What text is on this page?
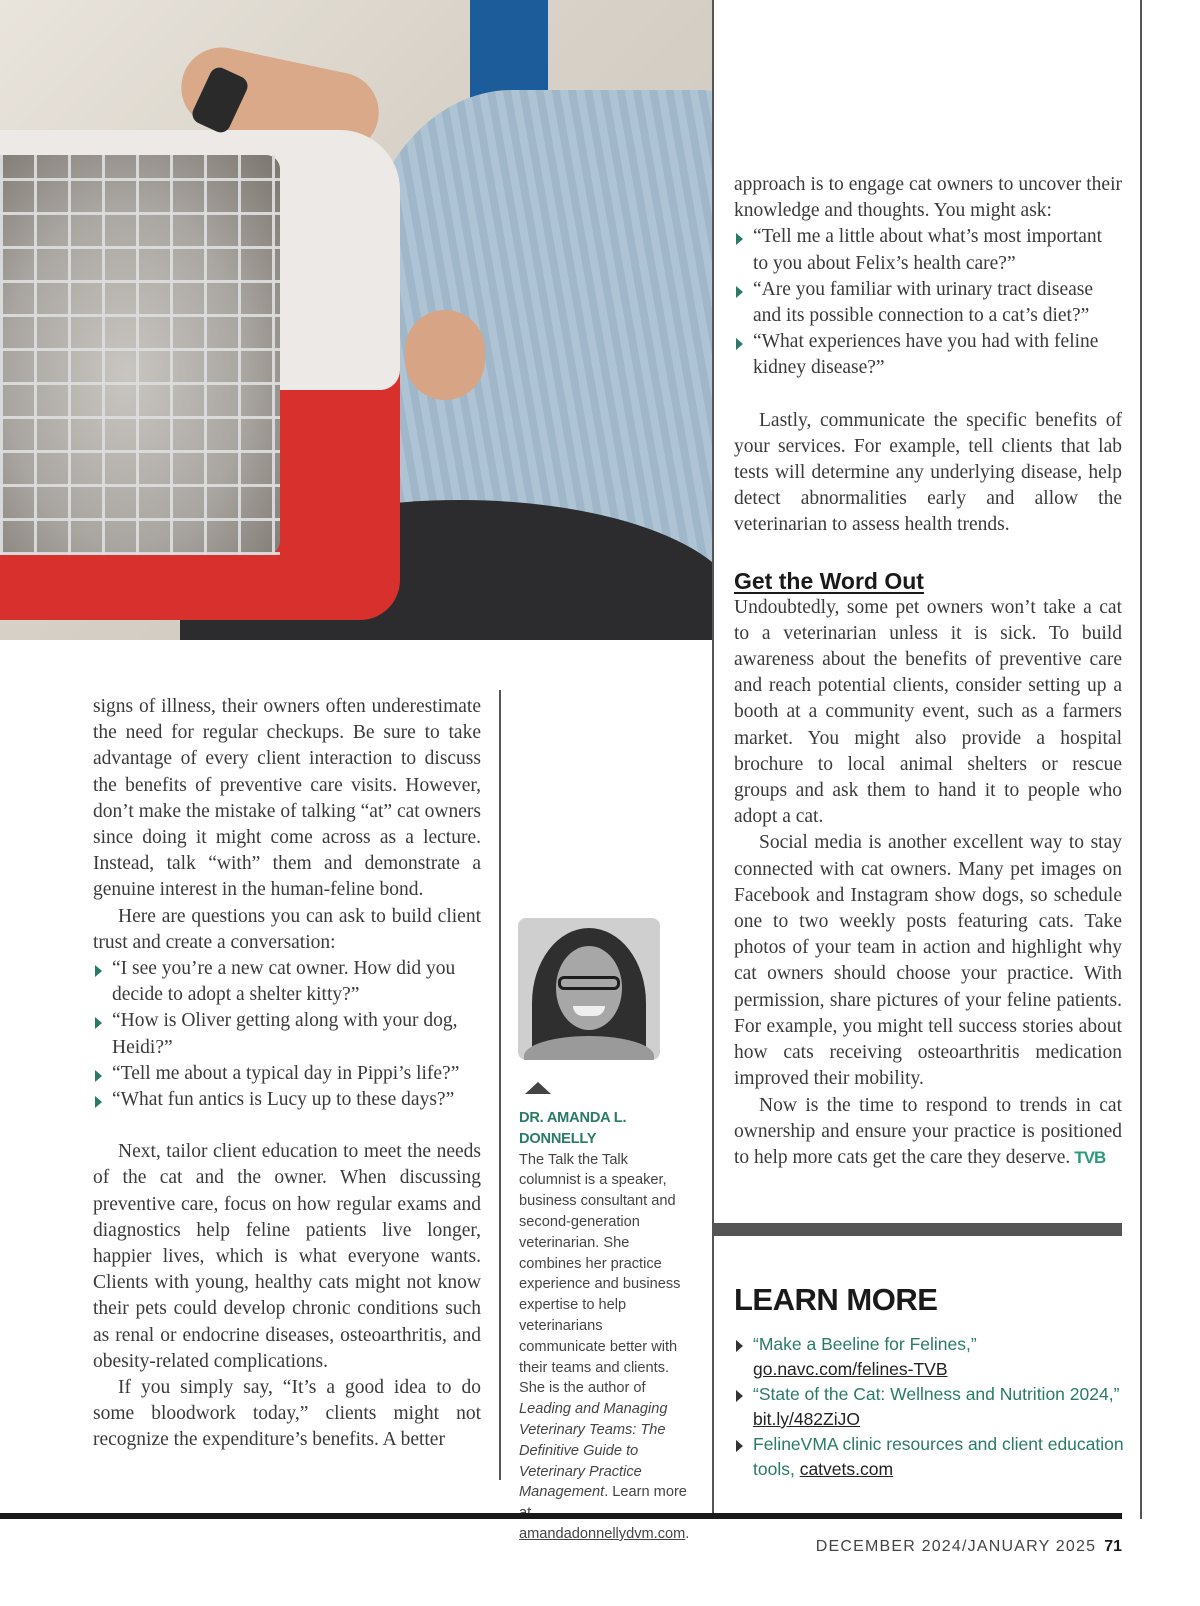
signs of illness, their owners often underestimate the need for regular checkups. Be sure to take advantage of every client interaction to discuss the benefits of preventive care visits. However, don’t make the mistake of talking “at” cat owners since doing it might come across as a lecture. Instead, talk “with” them and demonstrate a genuine interest in the human-feline bond.

Here are questions you can ask to build client trust and create a conversation:

“I see you’re a new cat owner. How did you decide to adopt a shelter kitty?”
“How is Oliver getting along with your dog, Heidi?”
“Tell me about a typical day in Pippi’s life?”
“What fun antics is Lucy up to these days?”

Next, tailor client education to meet the needs of the cat and the owner. When discussing preventive care, focus on how regular exams and diagnostics help feline patients live longer, happier lives, which is what everyone wants. Clients with young, healthy cats might not know their pets could develop chronic conditions such as renal or endocrine diseases, osteoarthritis, and obesity-related complications.

If you simply say, “It’s a good idea to do some bloodwork today,” clients might not recognize the expenditure’s benefits. A better

DR. AMANDA L. DONNELLY
The Talk the Talk columnist is a speaker, business consultant and second-generation veterinarian. She combines her practice experience and business expertise to help veterinarians communicate better with their teams and clients. She is the author of Leading and Managing Veterinary Teams: The Definitive Guide to Veterinary Practice Management. Learn more amandadonnellydvm.com.

approach is to engage cat owners to uncover their knowledge and thoughts. You might ask:

“Tell me a little about what’s most important to you about Felix’s health care?”
“Are you familiar with urinary tract disease and its possible connection to a cat’s diet?”
“What experiences have you had with feline kidney disease?”

Lastly, communicate the specific benefits of your services. For example, tell clients that lab tests will determine any underlying disease, help detect abnormalities early and allow the veterinarian to assess health trends.

Get the Word Out

Undoubtedly, some pet owners won’t take a cat to a veterinarian unless it is sick. To build awareness about the benefits of preventive care and reach potential clients, consider setting up a booth at a community event, such as a farmers market. You might also provide a hospital brochure to local animal shelters or rescue groups and ask them to hand it to people who adopt a cat.

Social media is another excellent way to stay connected with cat owners. Many pet images on Facebook and Instagram show dogs, so schedule one to two weekly posts featuring cats. Take photos of your team in action and highlight why cat owners should choose your practice. With permission, share pictures of your feline patients. For example, you might tell success stories about how cats receiving osteoarthritis medication improved their mobility.

Now is the time to respond to trends in cat ownership and ensure your practice is positioned to help more cats get the care they deserve. TVB

LEARN MORE
“Make a Beeline for Felines,”
go.navc.com/felines-TVB
“State of the Cat: Wellness and Nutrition 2024,”
bit.ly/482ZiJO
FelineVMA clinic resources and client education tools, catvets.com
DECEMBER 2024/JANUARY 2025 71
